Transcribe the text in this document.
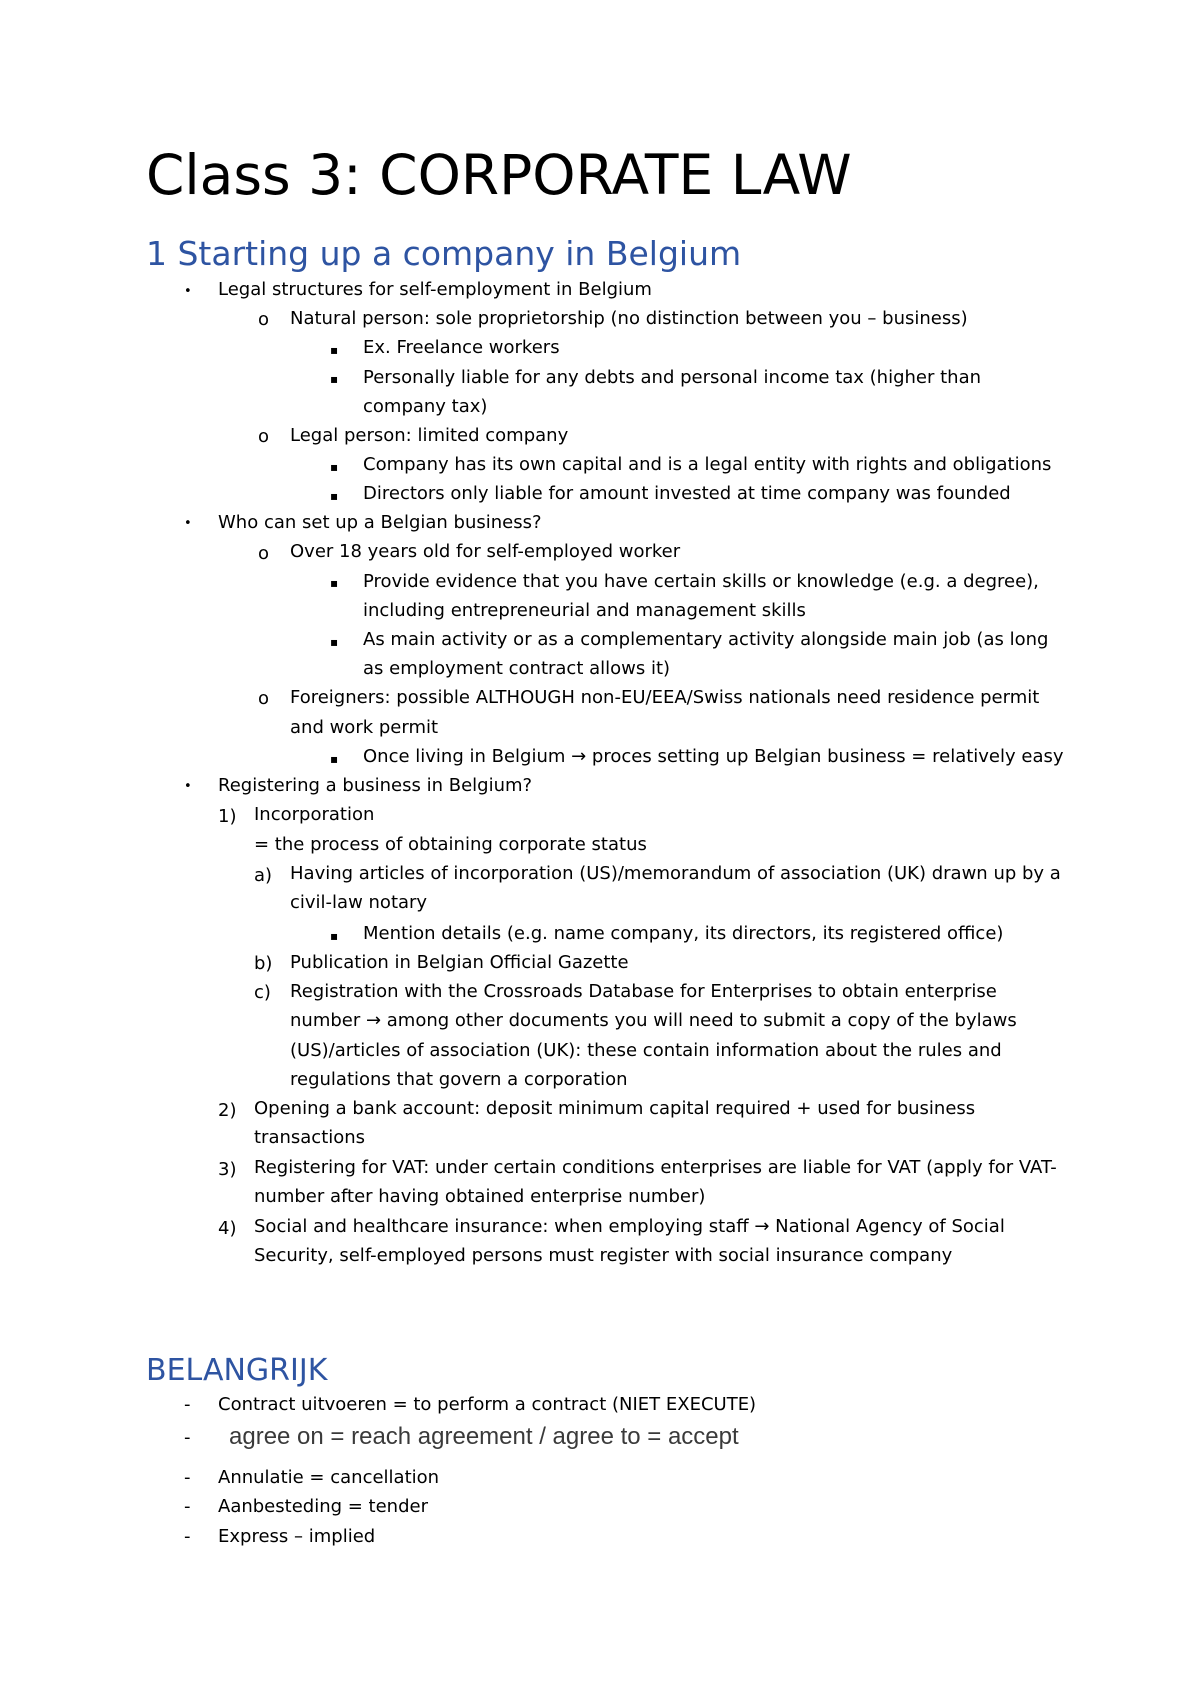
Class 3: CORPORATE LAW
1 Starting up a company in Belgium
•
o
▪
▪
o
▪
▪
•
o
▪
▪
o
▪
•
1)
a)
▪
b)
c)
2)
3)
4)

Legal structures for self-employment in Belgium

Natural person: sole proprietorship (no distinction between you – business)

Ex. Freelance workers

Personally liable for any debts and personal income tax (higher than

company tax)

Legal person: limited company

Company has its own capital and is a legal entity with rights and obligations

Directors only liable for amount invested at time company was founded

Who can set up a Belgian business?

Over 18 years old for self-employed worker

Provide evidence that you have certain skills or knowledge (e.g. a degree),

including entrepreneurial and management skills

As main activity or as a complementary activity alongside main job (as long

as employment contract allows it)

Foreigners: possible ALTHOUGH non-EU/EEA/Swiss nationals need residence permit

and work permit

Once living in Belgium → proces setting up Belgian business = relatively easy

Registering a business in Belgium?

Incorporation

= the process of obtaining corporate status

Having articles of incorporation (US)/memorandum of association (UK) drawn up by a

civil-law notary

Mention details (e.g. name company, its directors, its registered office)

Publication in Belgian Official Gazette

Registration with the Crossroads Database for Enterprises to obtain enterprise

number → among other documents you will need to submit a copy of the bylaws

(US)/articles of association (UK): these contain information about the rules and

regulations that govern a corporation

Opening a bank account: deposit minimum capital required + used for business

transactions

Registering for VAT: under certain conditions enterprises are liable for VAT (apply for VAT-

number after having obtained enterprise number)

Social and healthcare insurance: when employing staff → National Agency of Social

Security, self-employed persons must register with social insurance company

BELANGRIJK
- Contract uitvoeren = to perform a contract (NIET EXECUTE)

- agree on = reach agreement / agree to = accept
- Annulatie = cancellation

- Aanbesteding = tender

- Express – implied
